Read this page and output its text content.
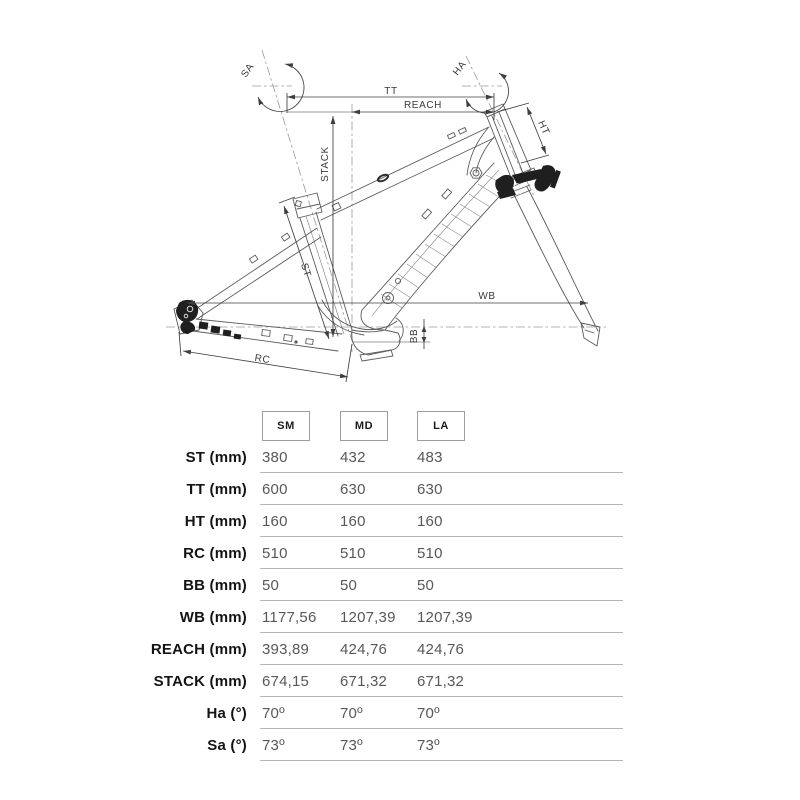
TT
REACH
STACK
HT
ST
WB
BB
RC
SA	HA
SM	MD	LA
ST (mm) 380	432	483
TT (mm) 600	630	630
HT (mm) 160	160	160
RC (mm) 510	510	510
BB (mm) 50	50	50
WB (mm) 1177,56	1207,39	1207,39
REACH (mm) 393,89	424,76	424,76
STACK (mm) 674,15	671,32	671,32
Ha (°) 70º	70º	70º
Sa (°) 73º	73º	73º
